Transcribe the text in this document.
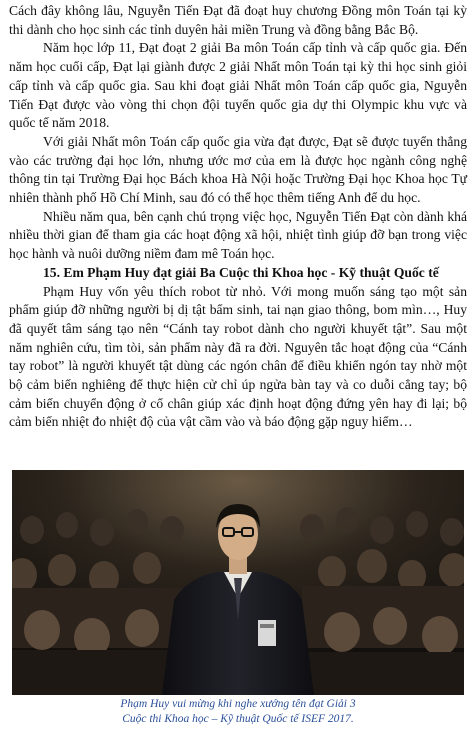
Cách đây không lâu, Nguyễn Tiến Đạt đã đoạt huy chương Đồng môn Toán tại kỳ thi dành cho học sinh các tỉnh duyên hải miền Trung và đồng bằng Bắc Bộ.

Năm học lớp 11, Đạt đoạt 2 giải Ba môn Toán cấp tỉnh và cấp quốc gia. Đến năm học cuối cấp, Đạt lại giành được 2 giải Nhất môn Toán tại kỳ thi học sinh giỏi cấp tỉnh và cấp quốc gia. Sau khi đoạt giải Nhất môn Toán cấp quốc gia, Nguyễn Tiến Đạt được vào vòng thi chọn đội tuyển quốc gia dự thi Olympic khu vực và quốc tế năm 2018.

Với giải Nhất môn Toán cấp quốc gia vừa đạt được, Đạt sẽ được tuyển thẳng vào các trường đại học lớn, nhưng ước mơ của em là được học ngành công nghệ thông tin tại Trường Đại học Bách khoa Hà Nội hoặc Trường Đại học Khoa học Tự nhiên thành phố Hồ Chí Minh, sau đó có thể học thêm tiếng Anh để du học.

Nhiều năm qua, bên cạnh chú trọng việc học, Nguyễn Tiến Đạt còn dành khá nhiều thời gian để tham gia các hoạt động xã hội, nhiệt tình giúp đỡ bạn trong việc học hành và nuôi dưỡng niềm đam mê Toán học.

15. Em Phạm Huy đạt giải Ba Cuộc thi Khoa học - Kỹ thuật Quốc tế

Phạm Huy vốn yêu thích robot từ nhỏ. Với mong muốn sáng tạo một sản phẩm giúp đỡ những người bị dị tật bẩm sinh, tai nạn giao thông, bom mìn…, Huy đã quyết tâm sáng tạo nên “Cánh tay robot dành cho người khuyết tật”. Sau một năm nghiên cứu, tìm tòi, sản phẩm này đã ra đời. Nguyên tắc hoạt động của “Cánh tay robot” là người khuyết tật dùng các ngón chân để điều khiển ngón tay nhờ một bộ cảm biến nghiêng để thực hiện cử chỉ úp ngửa bàn tay và co duỗi cẳng tay; bộ cảm biến chuyển động ở cổ chân giúp xác định hoạt động đứng yên hay đi lại; bộ cảm biến nhiệt đo nhiệt độ của vật cầm vào và báo động gặp nguy hiểm…

Phạm Huy vui mừng khi nghe xướng tên đạt Giải 3
Cuộc thi Khoa học – Kỹ thuật Quốc tế ISEF 2017.
